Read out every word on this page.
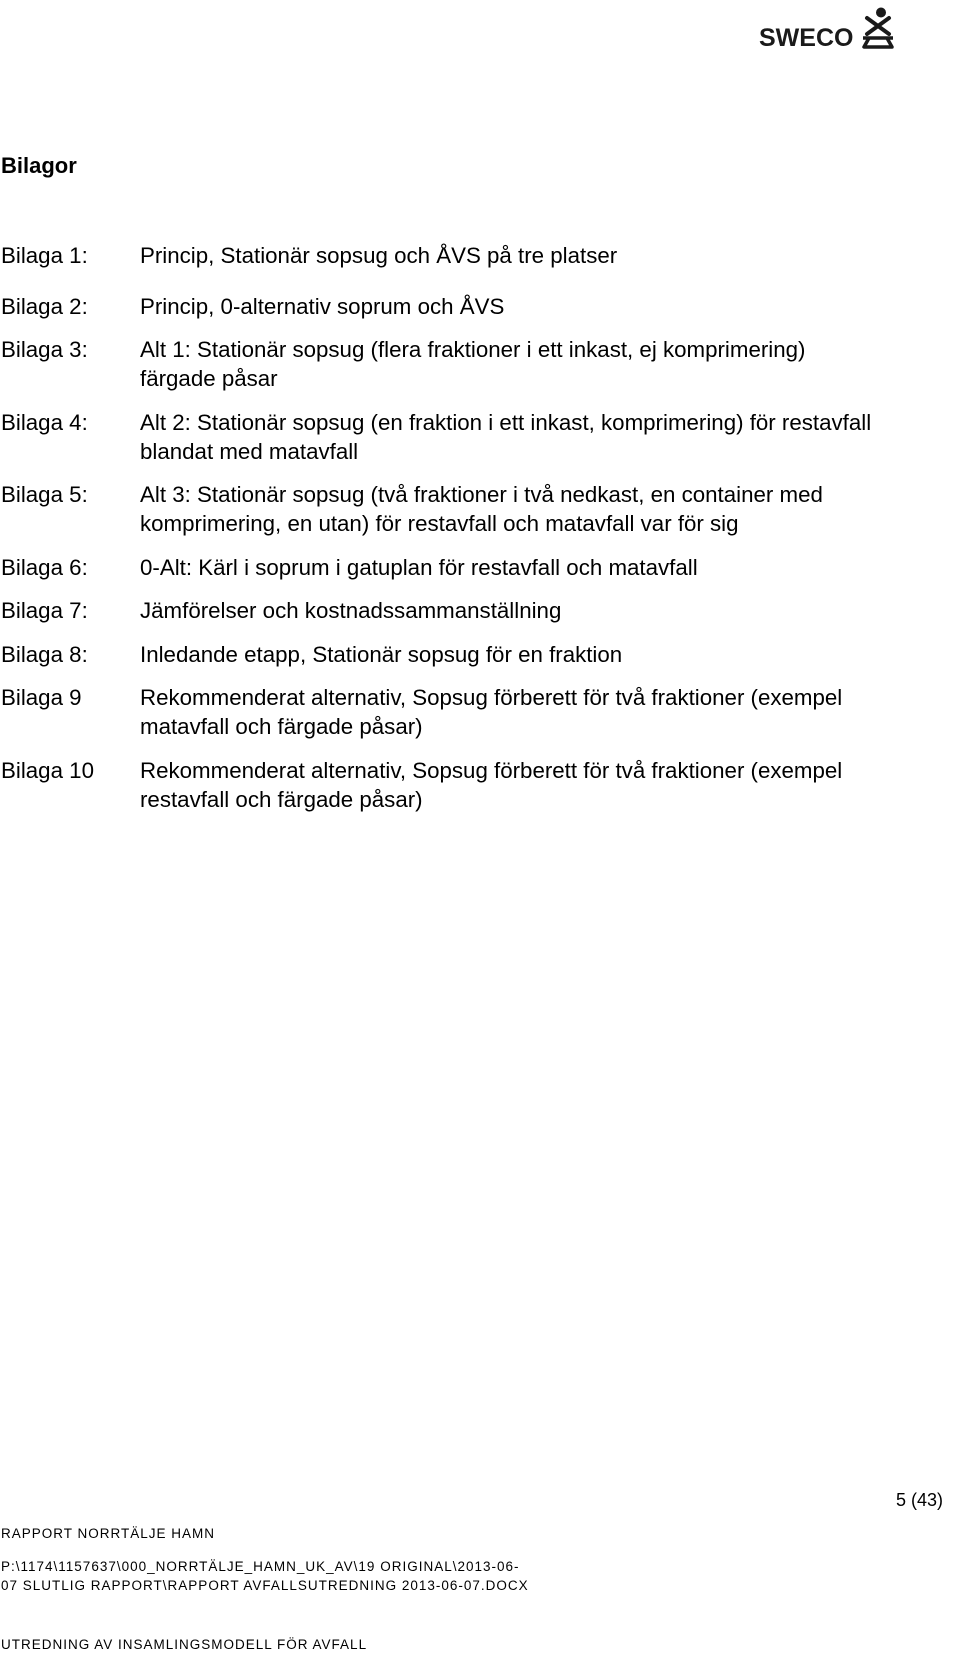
SWECO
Bilagor
Bilaga 1:	Princip, Stationär sopsug och ÅVS på tre platser
Bilaga 2:	Princip, 0-alternativ soprum och ÅVS
Bilaga 3:	Alt 1: Stationär sopsug (flera fraktioner i ett inkast, ej komprimering)
färgade påsar
Bilaga 4:	Alt 2: Stationär sopsug (en fraktion i ett inkast, komprimering) för restavfall
blandat med matavfall
Bilaga 5:	Alt 3: Stationär sopsug (två fraktioner i två nedkast, en container med
komprimering, en utan) för restavfall och matavfall var för sig
Bilaga 6:	0-Alt: Kärl i soprum i gatuplan för restavfall och matavfall
Bilaga 7:	Jämförelser och kostnadssammanställning
Bilaga 8:	Inledande etapp, Stationär sopsug för en fraktion
Bilaga 9	Rekommenderat alternativ, Sopsug förberett för två fraktioner (exempel
matavfall och färgade påsar)
Bilaga 10	Rekommenderat alternativ, Sopsug förberett för två fraktioner (exempel
restavfall och färgade påsar)
5 (43)
RAPPORT NORRTÄLJE HAMN
P:\1174\1157637\000_NORRTÄLJE_HAMN_UK_AV\19 ORIGINAL\2013-06-
07 SLUTLIG RAPPORT\RAPPORT AVFALLSUTREDNING 2013-06-07.DOCX
UTREDNING AV INSAMLINGSMODELL FÖR AVFALL
